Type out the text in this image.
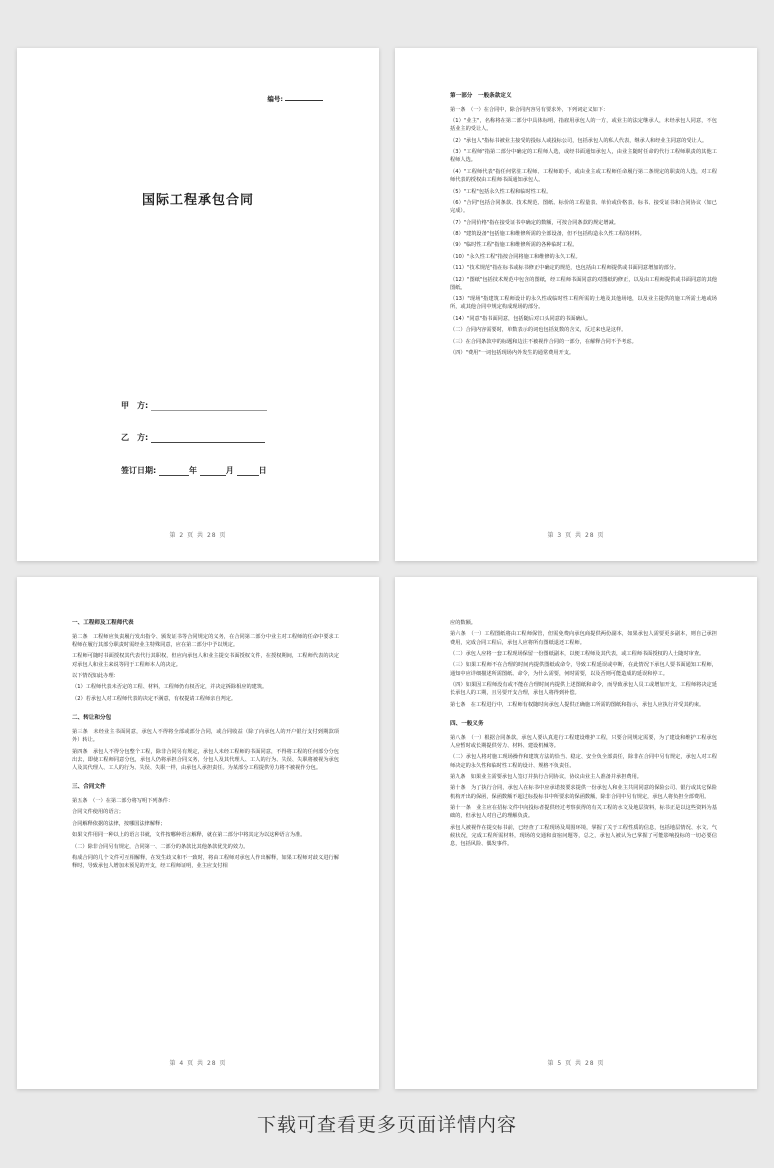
编号:
国际工程承包合同
甲　方:
乙　方:
签订日期:	年	月	日
第 2 页 共 28 页

第一部分　一般条款定义

第一条　（一）在合同中，除合同内容另有要求外，下列词定义如下：

（1）"业主"，名称将在第二部分中具体标明，指雇用承包人的一方，或业主的法定继承人，未经承包人同意，不包括业主的受让人。

（2）"承包人"指标书被业主接受的投标人或投标公司，包括承包人的私人代表，继承人和经业主同意的受让人。

（3）"工程师"指第二部分中确定的工程师人选，或经书面通知承包人，由业主随时任命的代行工程师职责的其他工程师人选。

（4）"工程师代表"指任何常驻工程师、工程师助手，或由业主或工程师任命履行第二条规定的职责的人选，对工程师代表的授权由工程师书面通知承包人。

（5）"工程"包括永久性工程和临时性工程。

（6）"合同"包括合同条款、技术规范、图纸、标价的工程量表、单价或价格表、标书、接受证书和合同协议（如已完成）。

（7）"合同价格"指在接受证书中确定的数额，可按合同条款的规定增减。

（8）"建筑设备"包括施工和维修所需的全部设备，但不包括构造永久性工程的材料。

（9）"临时性工程"指施工和维修所需的各种临时工程。

（10）"永久性工程"指按合同将施工和维修的永久工程。

（11）"技术规范"指在标书或标书修正中确定的规范，也包括由工程师提供或书面同意增加的部分。

（12）"图纸"包括技术规范中包含的图纸，经工程师书面同意的对图纸的修正，以及由工程师提供或书面同意的其他图纸。

（13）"现场"指建筑工程师设计的永久性或临时性工程所需的土地及其他场地，以及业主提供的施工所需土地或场所，或其他合同中规定构成现场的部分。

（14）"同意"指书面同意，包括随后对口头同意的书面确认。

（二）合同内容需要时，单数表示的词也包括复数的含义，反过来也是这样。

（三）在合同条款中的标题和边注不被视作合同的一部分，在解释合同不予考虑。

（四）"费用"一词包括现场内外发生的通常费用开支。

第 3 页 共 28 页

一、工程师及工程师代表

第二条　工程师应负责履行发出指令、颁发证书等合同规定的义务，在合同第二部分中业主对工程师的任命中要求工程师在履行其部分职责时需经业主特殊同意，应在第二部分中予以规定。

工程师可随时书面授权其代表代行其职权，但应向承包人和业主提交书面授权文件，在授权期间，工程师代表的决定对承包人和业主来说等同于工程师本人的决定。

以下情况如此办理：

（1）工程师代表未否定的工程、材料，工程师仍有权否定，并决定拆除相应的建筑。

（2）若承包人对工程师代表的决定不满意，有权提请工程师亲自判定。

二、转让和分包

第三条　未经业主书面同意，承包人不得将全部或部分合同，或合同收益（除了向承包人的开户银行支付到期款项外）转让。

第四条　承包人不得分包整个工程，除非合同另有规定，承包人未经工程师的书面同意，不得将工程的任何部分分包出去，即使工程师同意分包，承包人仍将承担合同义务，分包人及其代理人、工人的行为、失误、失职将被视为承包人及其代理人、工人的行为、失误、失职一样，由承包人承担责任。为某部分工程提供劳力将不被视作分包。

三、合同文件

第五条　（一）在第二部分将写明下列条件：

合同文件使用的语言；

合同解释依据的法律，按哪国法律解释；

如果文件用同一种以上的语言书就，文件按哪种语言解释，就在第二部分中将其定为以这种语言为准。

（二）除非合同另有规定，合同第一、二部分的条款比其他条款优先的效力。

构成合同的几个文件可互相解释，在发生歧义和不一致时，将由工程师对承包人作出解释，如果工程师对歧义进行解释时，导致承包人增加未预见的开支，经工程师证明，业主应支付相

第 4 页 共 28 页

应的数额。

第六条　（一）工程图纸将由工程师保管，但需免费向承包商提供两份副本，如果承包人需要更多副本，则自己承担费用，完成合同工程后，承包人应将所有图纸退还工程师。

（二）承包人应将一套工程现场保留一份图纸副本，以便工程师及其代表，或工程师书面授权的人士随时审查。

（三）如果工程师不在合理的时间内提供图纸或命令，导致工程延误或中断，在此情况下承包人要书面通知工程师，通知中应详细描述所需图纸、命令，为什么需要，何时需要，以及否则可能造成的延误和停工。

（四）如果因工程师没有或不能在合理时间内提供上述图纸和命令，而导致承包人员工或增加开支，工程师将决定延长承包人的工期，且另要开支合理，承包人将得到补偿。

第七条　在工程进行中，工程师有权随时向承包人提供正确施工所需的图纸和指示，承包人应执行并受其约束。

四、一般义务

第八条　（一）根据合同条款，承包人要认真进行工程建设维护工程，只要合同规定需要，为了建设和维护工程承包人应暂时或长期提供劳力、材料、建设机械等。

（二）承包人将对施工现场操作和建筑方法的恰当、稳定、安全负全部责任，除非在合同中另有规定，承包人对工程师决定的永久性和临时性工程的设计、规格不负责任。

第九条　如果业主需要承包人签订并执行合同协议，协议由业主人准备并承担费用。

第十条　为了执行合同，承包人在标书中应承诺按要求提供一份承包人和业主共同同意的保险公司、银行或其它保险机构开出的保函，保函数额不超过标投标书中所要求的保函数额，除非合同中另有规定，承包人将负担全部费用。

第十一条　业主应在招标文件中向投标者提供经过考察获得的有关工程的水文及地层资料，标书正是以这些资料为基础的，但承包人对自己的理解负责。

承包人被视作在提交标书前，已经查了工程现场及周围环境，掌握了关于工程性质的信息，包括地层情况、水文、气候状况，完成工程所需材料，现场的交通和食宿问题等，总之，承包人被认为已掌握了可能影响投标的一切必要信息，包括风险、偶发事件。

第 5 页 共 28 页
下载可查看更多页面详情内容
